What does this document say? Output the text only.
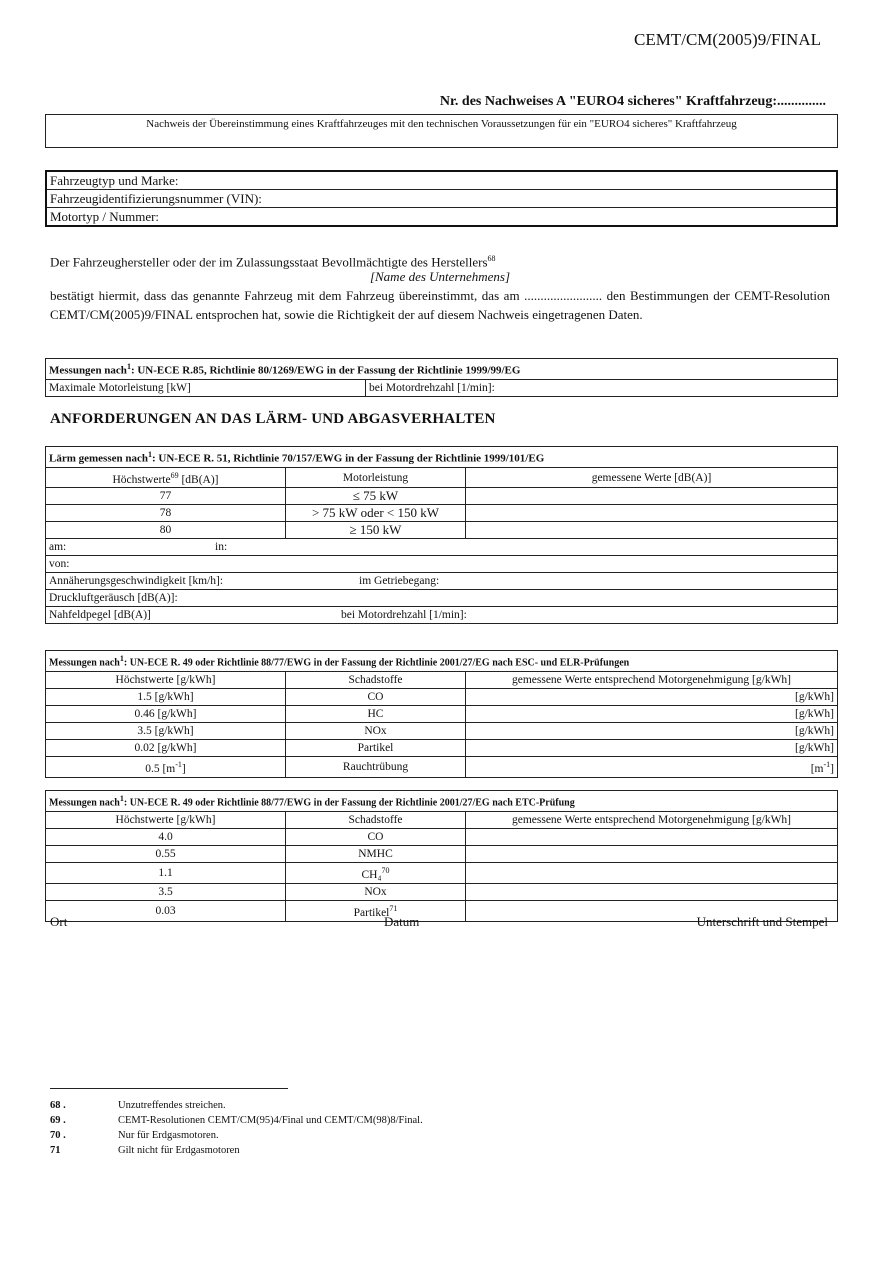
CEMT/CM(2005)9/FINAL
Nr. des Nachweises A "EURO4 sicheres" Kraftfahrzeug:..............
Nachweis der Übereinstimmung eines Kraftfahrzeuges mit den technischen Voraussetzungen für ein "EURO4 sicheres" Kraftfahrzeug
Fahrzeugtyp und Marke:
Fahrzeugidentifizierungsnummer (VIN):
Motortyp / Nummer:
Der Fahrzeughersteller oder der im Zulassungsstaat Bevollmächtigte des Herstellers$^{68}$
[Name des Unternehmens]
bestätigt hiermit, dass das genannte Fahrzeug mit dem Fahrzeug übereinstimmt, das am ........................ den Bestimmungen der CEMT-Resolution CEMT/CM(2005)9/FINAL entsprochen hat, sowie die Richtigkeit der auf diesem Nachweis eingetragenen Daten.
Messungen nach$^1$: UN-ECE R.85, Richtlinie 80/1269/EWG in der Fassung der Richtlinie 1999/99/EG
Maximale Motorleistung [kW]	bei Motordrehzahl [1/min]:
ANFORDERUNGEN AN DAS LÄRM- UND ABGASVERHALTEN
Lärm gemessen nach$^1$: UN-ECE R. 51, Richtlinie 70/157/EWG in der Fassung der Richtlinie 1999/101/EG		
Höchstwerte$^{69}$ [dB(A)]	Motorleistung	gemessene Werte [dB(A)]
77	≤ 75 kW	
78	> 75 kW oder < 150 kW	
80	≥ 150 kW	
am: in:		
von:		
Annäherungsgeschwindigkeit [km/h]: im Getriebegang:		
Druckluftgeräusch [dB(A)]:		
Nahfeldpegel [dB(A)] bei Motordrehzahl [1/min]:		
Messungen nach$^1$: UN-ECE R. 49 oder Richtlinie 88/77/EWG in der Fassung der Richtlinie 2001/27/EG nach ESC- und ELR-Prüfungen		
Höchstwerte [g/kWh]	Schadstoffe	gemessene Werte entsprechend Motorgenehmigung [g/kWh]
1.5 [g/kWh]	CO	[g/kWh]
0.46 [g/kWh]	HC	[g/kWh]
3.5 [g/kWh]	NOx	[g/kWh]
0.02 [g/kWh]	Partikel	[g/kWh]
0.5 $[m^{-1}]$	Rauchtrübung	$[m^{-1}]$
Messungen nach$^1$: UN-ECE R. 49 oder Richtlinie 88/77/EWG in der Fassung der Richtlinie 2001/27/EG nach ETC-Prüfung		
Höchstwerte [g/kWh]	Schadstoffe	gemessene Werte entsprechend Motorgenehmigung [g/kWh]
4.0	CO	
0.55	NMHC	
1.1	CH₄$^{70}$	
3.5	NOx	
0.03	Partikel$^{71}$	
Ort	Datum	Unterschrift und Stempel
68 .	Unzutreffendes streichen.
69 .	CEMT-Resolutionen CEMT/CM(95)4/Final und CEMT/CM(98)8/Final.
70 .	Nur für Erdgasmotoren.
71	Gilt nicht für Erdgasmotoren
